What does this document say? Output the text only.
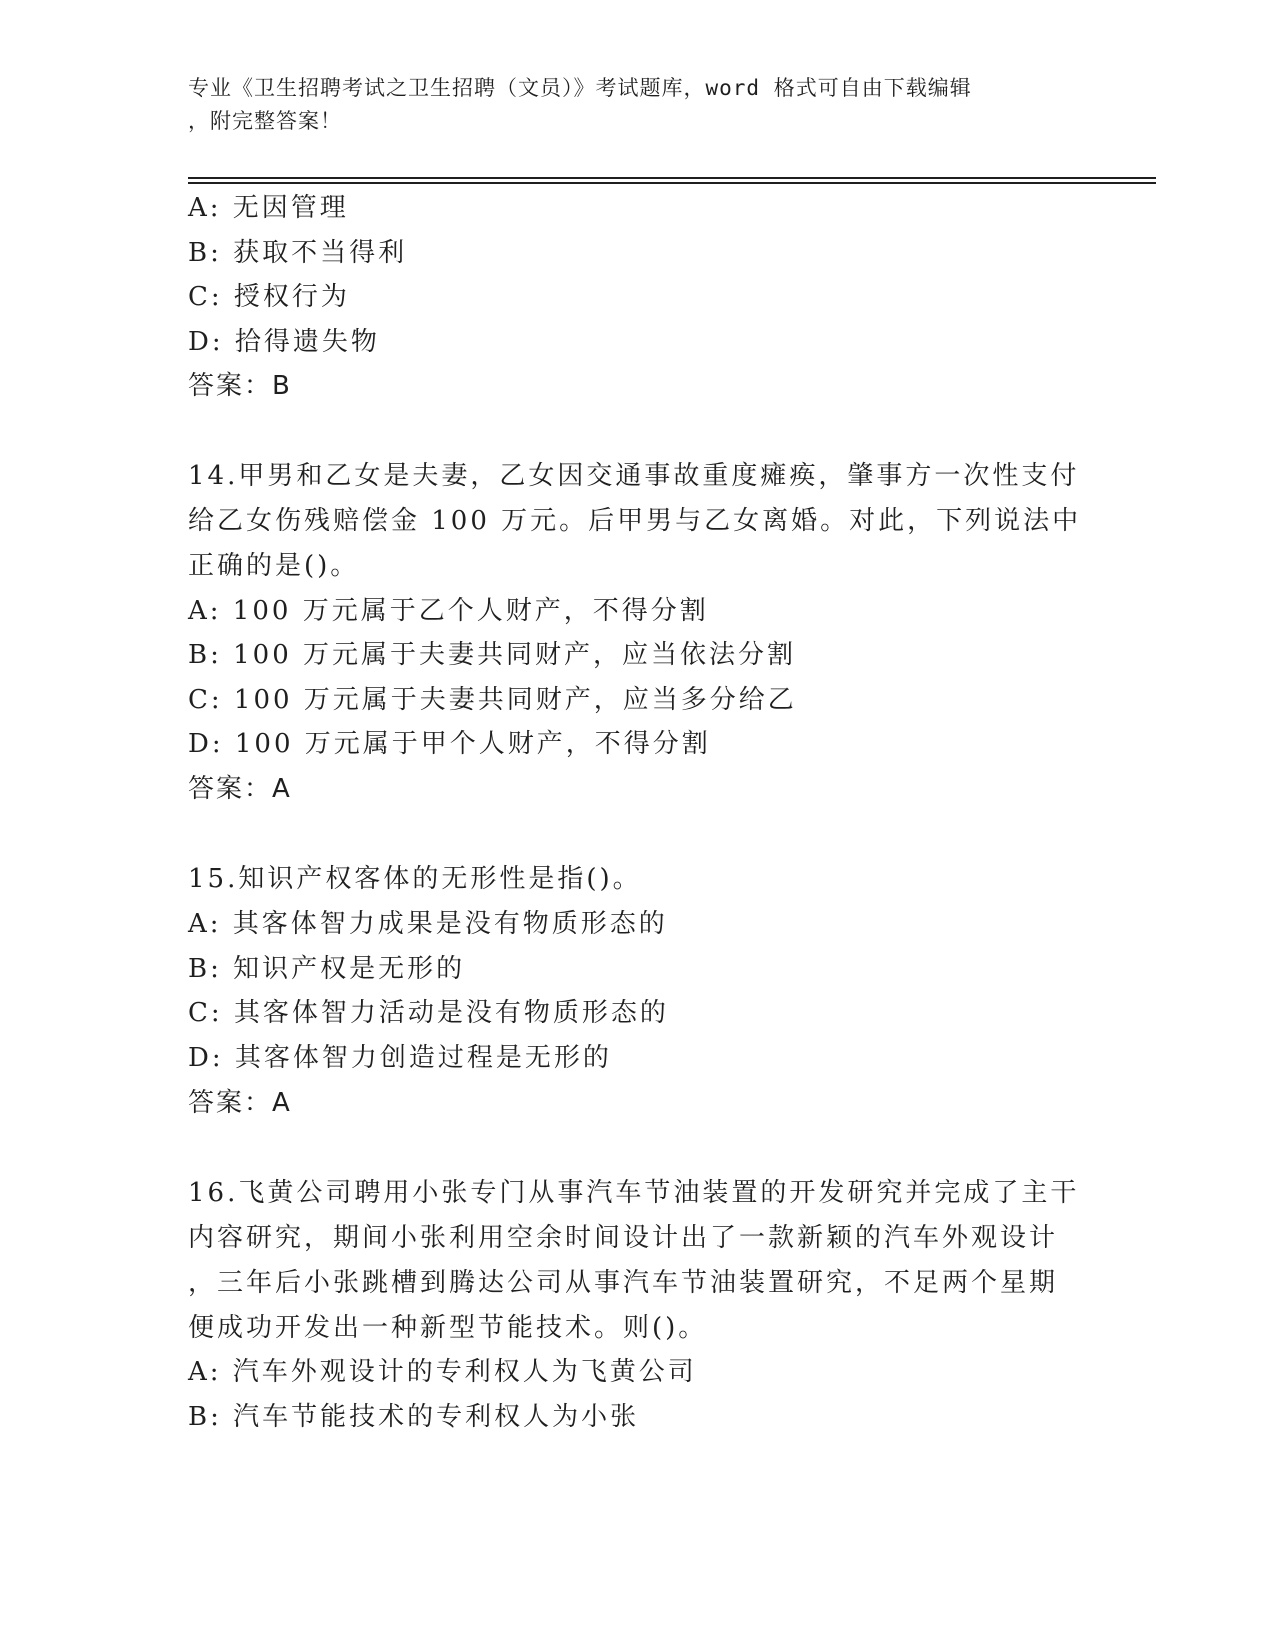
专业《卫生招聘考试之卫生招聘（文员）》考试题库，word 格式可自由下载编辑
，附完整答案！
A: 无因管理
B: 获取不当得利
C: 授权行为
D: 拾得遗失物
答案：B
14.甲男和乙女是夫妻，乙女因交通事故重度瘫痪，肇事方一次性支付
给乙女伤残赔偿金 100 万元。后甲男与乙女离婚。对此，下列说法中
正确的是()。
A: 100 万元属于乙个人财产，不得分割
B: 100 万元属于夫妻共同财产，应当依法分割
C: 100 万元属于夫妻共同财产，应当多分给乙
D: 100 万元属于甲个人财产，不得分割
答案：A
15.知识产权客体的无形性是指()。
A: 其客体智力成果是没有物质形态的
B: 知识产权是无形的
C: 其客体智力活动是没有物质形态的
D: 其客体智力创造过程是无形的
答案：A
16.飞黄公司聘用小张专门从事汽车节油装置的开发研究并完成了主干
内容研究，期间小张利用空余时间设计出了一款新颖的汽车外观设计
，三年后小张跳槽到腾达公司从事汽车节油装置研究，不足两个星期
便成功开发出一种新型节能技术。则()。
A: 汽车外观设计的专利权人为飞黄公司
B: 汽车节能技术的专利权人为小张
